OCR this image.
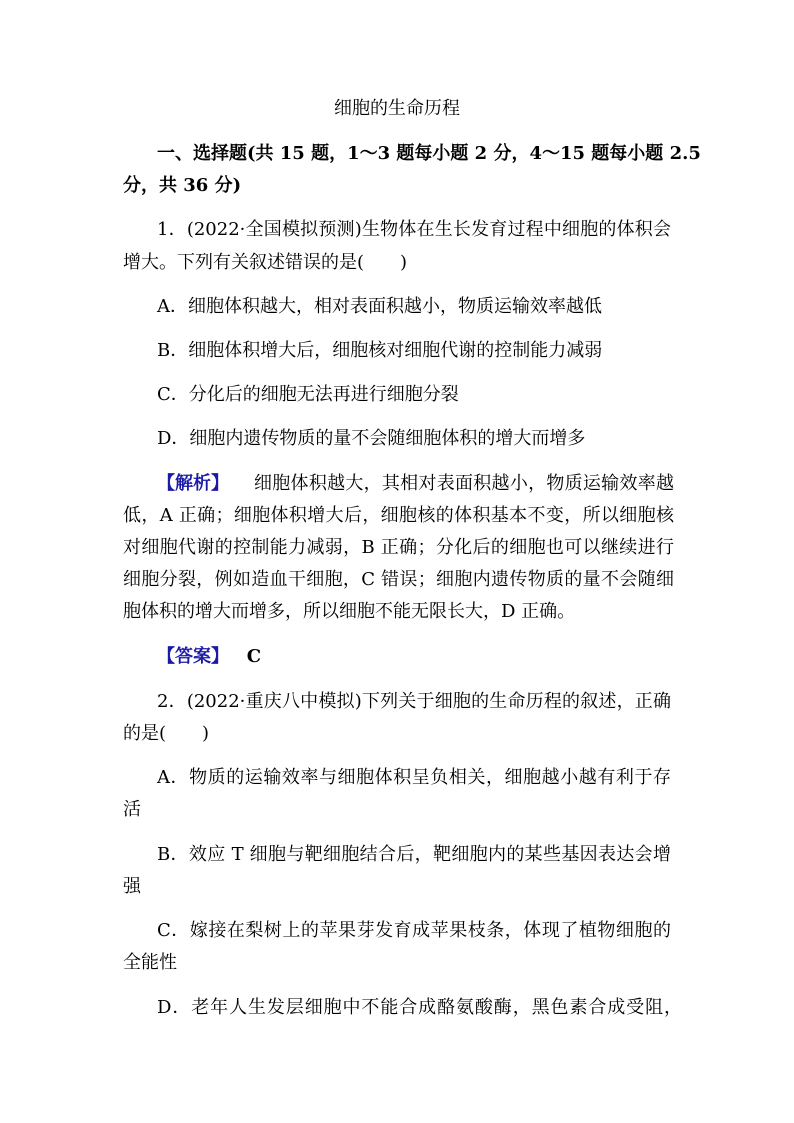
细胞的生命历程
一、选择题(共 15 题，1～3 题每小题 2 分，4～15 题每小题 2.5
分，共 36 分)
1．(2022·全国模拟预测)生物体在生长发育过程中细胞的体积会
增大。下列有关叙述错误的是(　　)
A．细胞体积越大，相对表面积越小，物质运输效率越低
B．细胞体积增大后，细胞核对细胞代谢的控制能力减弱
C．分化后的细胞无法再进行细胞分裂
D．细胞内遗传物质的量不会随细胞体积的增大而增多
【解析】 细胞体积越大，其相对表面积越小，物质运输效率越
低，A 正确；细胞体积增大后，细胞核的体积基本不变，所以细胞核
对细胞代谢的控制能力减弱，B 正确；分化后的细胞也可以继续进行
细胞分裂，例如造血干细胞，C 错误；细胞内遗传物质的量不会随细
胞体积的增大而增多，所以细胞不能无限长大，D 正确。
【答案】 C
2．(2022·重庆八中模拟)下列关于细胞的生命历程的叙述，正确
的是(　　)
A．物质的运输效率与细胞体积呈负相关，细胞越小越有利于存
活
B．效应 T 细胞与靶细胞结合后，靶细胞内的某些基因表达会增
强
C．嫁接在梨树上的苹果芽发育成苹果枝条，体现了植物细胞的
全能性
D．老年人生发层细胞中不能合成酪氨酸酶，黑色素合成受阻，
